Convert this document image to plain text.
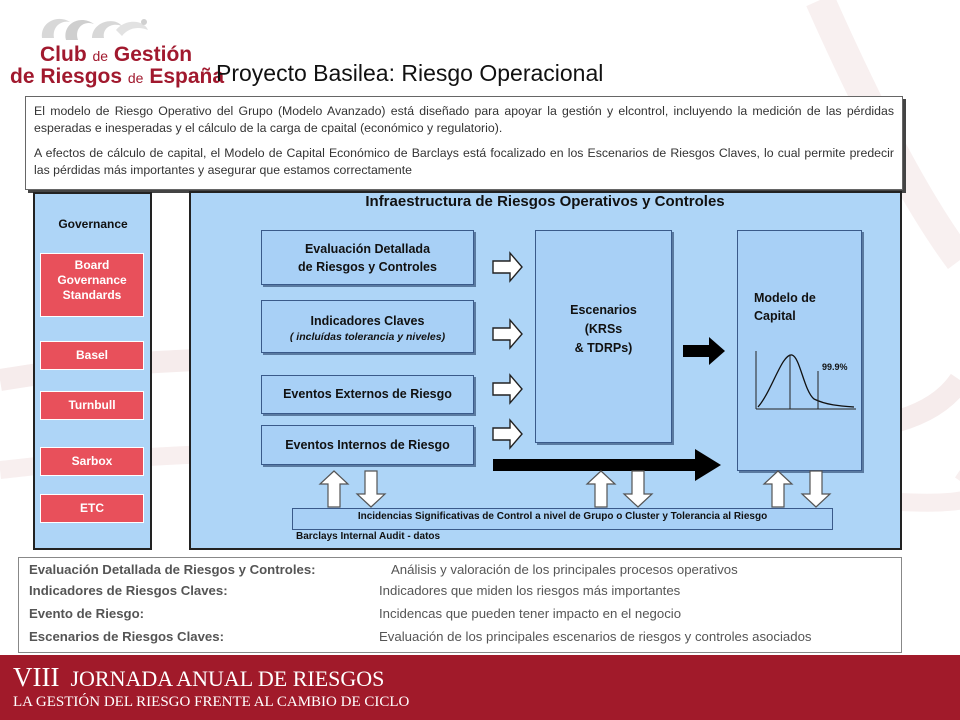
Club de Gestión
de Riesgos de España
Proyecto Basilea: Riesgo Operacional

El modelo de Riesgo Operativo del Grupo (Modelo Avanzado) está diseñado para apoyar la gestión y elcontrol, incluyendo la medición de las pérdidas esperadas e inesperadas y el cálculo de la carga de cpaital (económico y regulatorio).

A efectos de cálculo de capital, el Modelo de Capital Económico de Barclays está focalizado en los Escenarios de Riesgos Claves, lo cual permite predecir las pérdidas más importantes y asegurar que estamos correctamente

Governance
Board Governance Standards
Basel
Turnbull
Sarbox
ETC
Infraestructura de Riesgos Operativos y Controles
Evaluación Detallada
de Riesgos y Controles
Indicadores Claves
( incluídas tolerancia y niveles)
Eventos Externos de Riesgo
Eventos Internos de Riesgo
Escenarios
(KRSs
& TDRPs)
Modelo de
Capital
99.9%
Incidencias Significativas de Control a nivel de Grupo o Cluster y Tolerancia al Riesgo
Barclays Internal Audit - datos
Evaluación Detallada de Riesgos y Controles:	Análisis y valoración de los principales procesos operativos
Indicadores de Riesgos Claves:	Indicadores que miden los riesgos más importantes
Evento de Riesgo:	Incidencas que pueden tener impacto en el negocio
Escenarios de Riesgos Claves:	Evaluación de los principales escenarios de riesgos y controles asociados
VIII JORNADA ANUAL DE RIESGOS
LA GESTIÓN DEL RIESGO FRENTE AL CAMBIO DE CICLO
